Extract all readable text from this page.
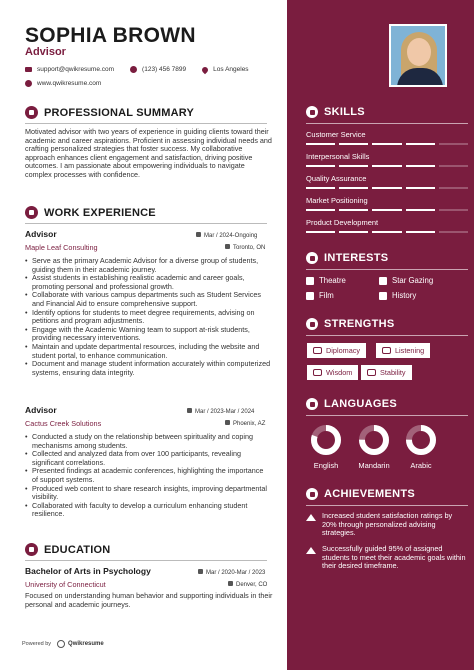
SOPHIA BROWN
Advisor
support@qwikresume.com	(123) 456 7899	Los Angeles
www.qwikresume.com
PROFESSIONAL SUMMARY
Motivated advisor with two years of experience in guiding clients toward their academic and career aspirations. Proficient in assessing individual needs and crafting personalized strategies that foster success. My collaborative approach enhances client engagement and satisfaction, driving positive outcomes. I am passionate about empowering individuals to navigate complex processes with confidence.
WORK EXPERIENCE
Advisor	Mar / 2024-Ongoing
Maple Leaf Consulting	Toronto, ON
• Serve as the primary Academic Advisor for a diverse group of students, guiding them in their academic journey.
• Assist students in establishing realistic academic and career goals, promoting personal and professional growth.
• Collaborate with various campus departments such as Student Services and Financial Aid to ensure comprehensive support.
• Identify options for students to meet degree requirements, advising on petitions and program adjustments.
• Engage with the Academic Warning team to support at-risk students, providing necessary interventions.
• Maintain and update departmental resources, including the website and student portal, to enhance communication.
• Document and manage student information accurately within computerized systems, ensuring data integrity.
Advisor	Mar / 2023-Mar / 2024
Cactus Creek Solutions	Phoenix, AZ
• Conducted a study on the relationship between spirituality and coping mechanisms among students.
• Collected and analyzed data from over 100 participants, revealing significant correlations.
• Presented findings at academic conferences, highlighting the importance of support systems.
• Produced web content to share research insights, improving departmental visibility.
• Collaborated with faculty to develop a curriculum enhancing student resilience.
EDUCATION
Bachelor of Arts in Psychology	Mar / 2020-Mar / 2023
University of Connecticut	Denver, CO
Focused on understanding human behavior and supporting individuals in their personal and academic journeys.
Powered by	Qwikresume
SKILLS
Customer Service
Interpersonal Skills
Quality Assurance
Market Positioning
Product Development
INTERESTS
Theatre	Star Gazing
Film	History
STRENGTHS
Diplomacy	Listening
Wisdom	Stability
LANGUAGES
English	Mandarin	Arabic
ACHIEVEMENTS
Increased student satisfaction ratings by 20% through personalized advising strategies.
Successfully guided 95% of assigned students to meet their academic goals within their desired timeframe.
